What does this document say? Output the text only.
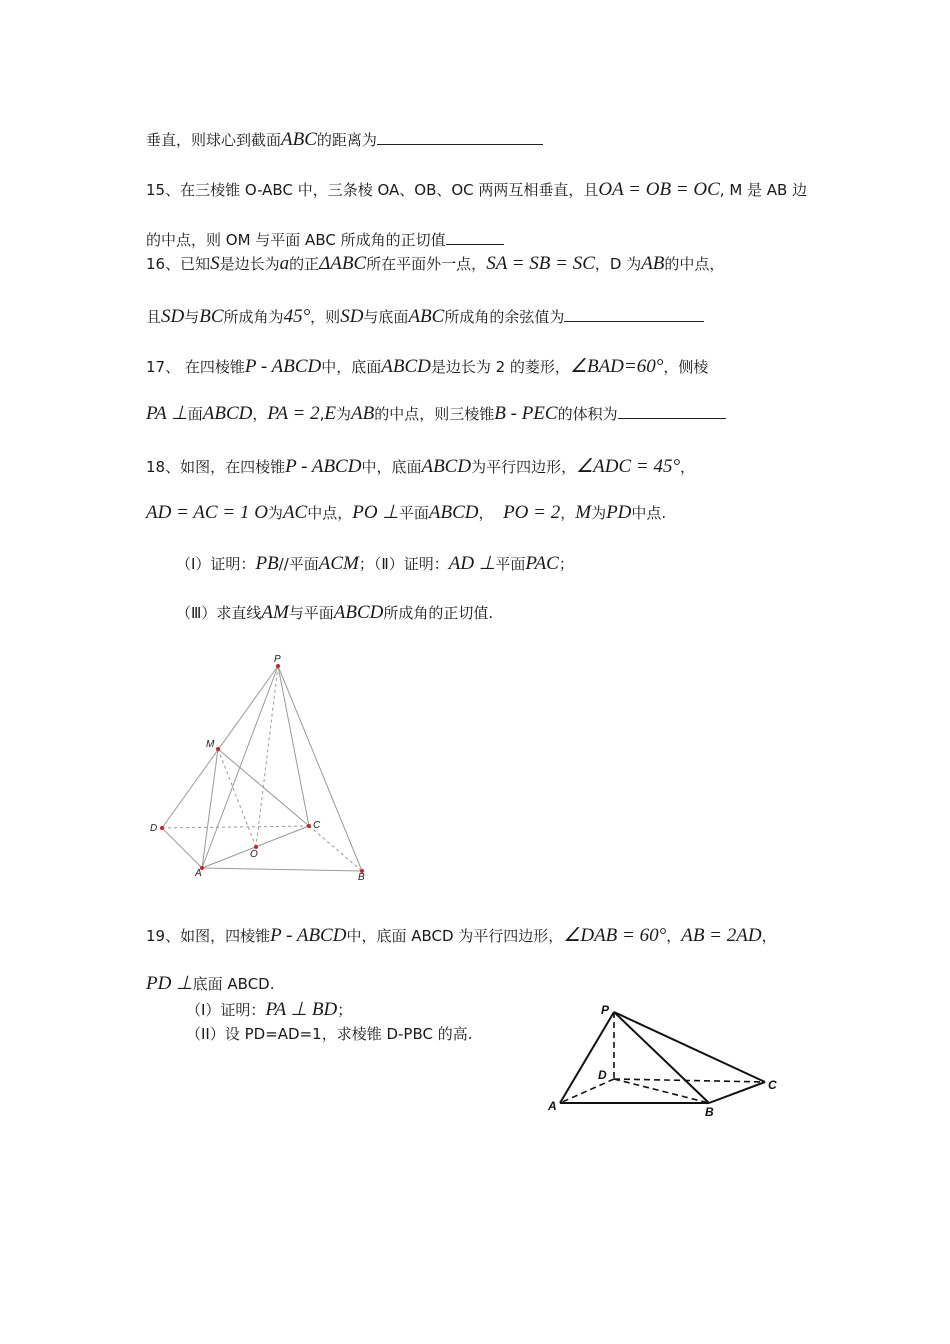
垂直，则球心到截面ABC的距离为
15、在三棱锥 O-ABC 中，三条棱 OA、OB、OC 两两互相垂直，且OA = OB = OC, M 是 AB 边
的中点，则 OM 与平面 ABC 所成角的正切值
16、已知S是边长为a的正ΔABC所在平面外一点，SA = SB = SC，D 为AB的中点，
且SD与BC所成角为45°，则SD与底面ABC所成角的余弦值为
17、 在四棱锥P - ABCD中，底面ABCD是边长为 2 的菱形，∠BAD=60°，侧棱
PA ⊥面ABCD，PA = 2,E为AB的中点，则三棱锥B - PEC的体积为
18、如图，在四棱锥P - ABCD中，底面ABCD为平行四边形，∠ADC = 45°，
AD = AC = 1 O为AC中点，PO ⊥平面ABCD， PO = 2，M为PD中点.
（Ⅰ）证明：PB//平面ACM；（Ⅱ）证明：AD ⊥平面PAC；
（Ⅲ）求直线AM与平面ABCD所成角的正切值.
P
M
D	C
O
A	B
19、如图，四棱锥P - ABCD中，底面 ABCD 为平行四边形，∠DAB = 60°，AB = 2AD，
PD ⊥底面 ABCD.
（I）证明：PA ⊥ BD；
（II）设 PD=AD=1，求棱锥 D-PBC 的高.
P
D
C
A	B
